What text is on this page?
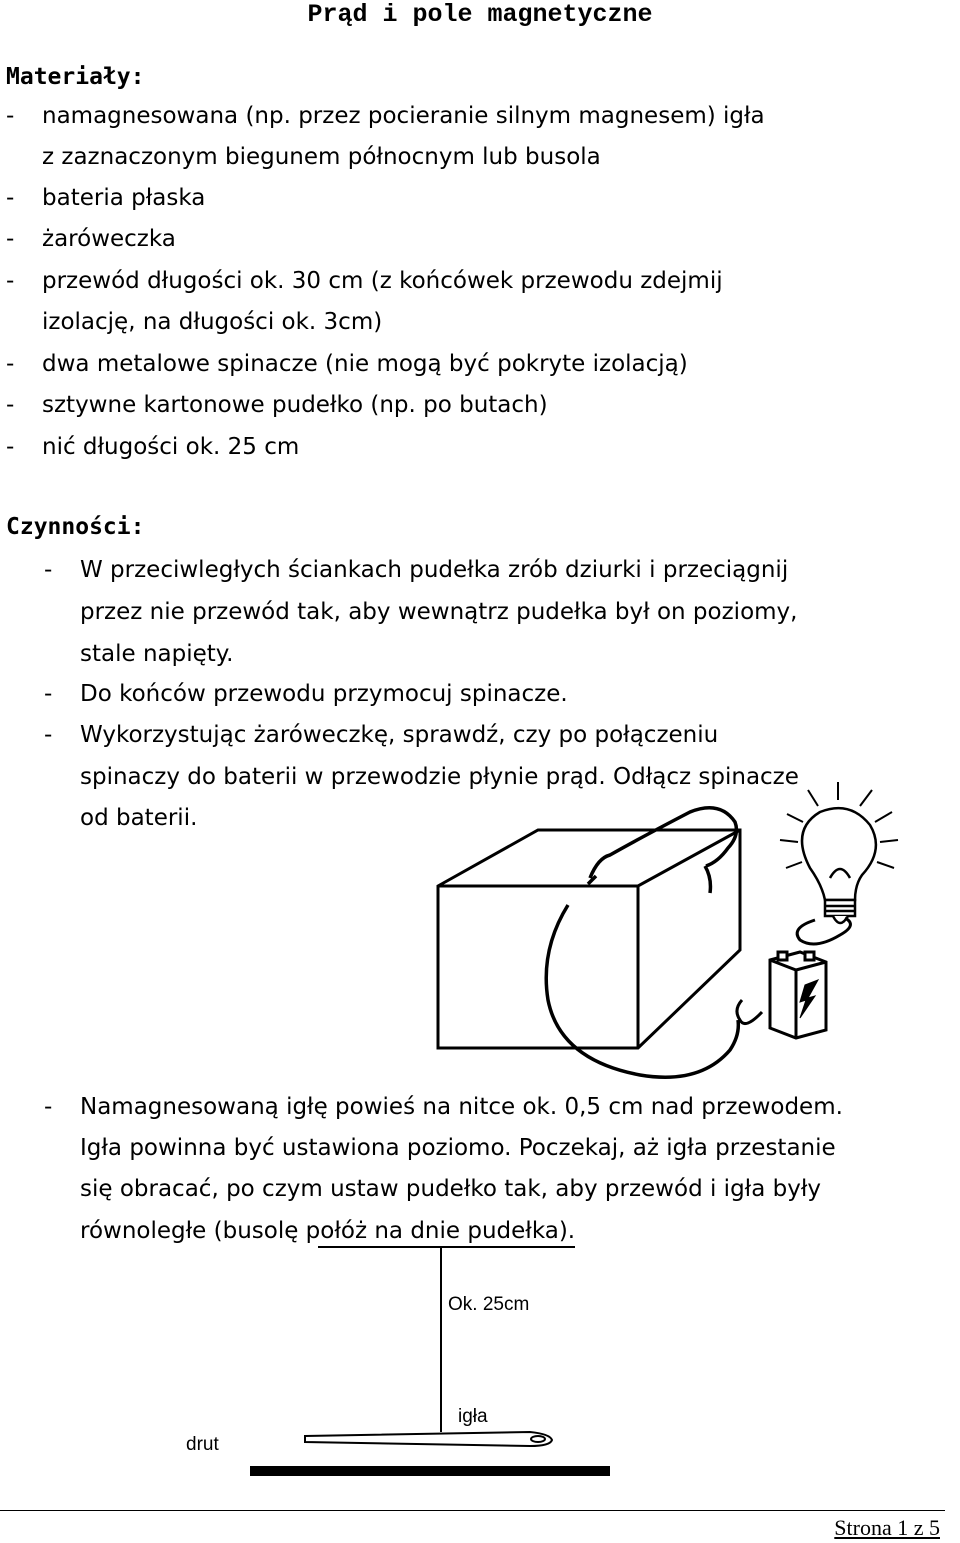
Prąd i pole magnetyczne
Materiały:
- namagnesowana (np. przez pocieranie silnym magnesem) igła
z zaznaczonym biegunem północnym lub busola
- bateria płaska
- żaróweczka
- przewód długości ok. 30 cm (z końcówek przewodu zdejmij
izolację, na długości ok. 3cm)
- dwa metalowe spinacze (nie mogą być pokryte izolacją)
- sztywne kartonowe pudełko (np. po butach)
- nić długości ok. 25 cm
Czynności:
- W przeciwległych ściankach pudełka zrób dziurki i przeciągnij
przez nie przewód tak, aby wewnątrz pudełka był on poziomy,
stale napięty.
- Do końców przewodu przymocuj spinacze.
- Wykorzystując żaróweczkę, sprawdź, czy po połączeniu
spinaczy do baterii w przewodzie płynie prąd. Odłącz spinacze
od baterii.
- Namagnesowaną igłę powieś na nitce ok. 0,5 cm nad przewodem.
Igła powinna być ustawiona poziomo. Poczekaj, aż igła przestanie
się obracać, po czym ustaw pudełko tak, aby przewód i igła były
równoległe (busolę połóż na dnie pudełka).
Ok. 25cm
igła
drut
Strona 1 z 5
